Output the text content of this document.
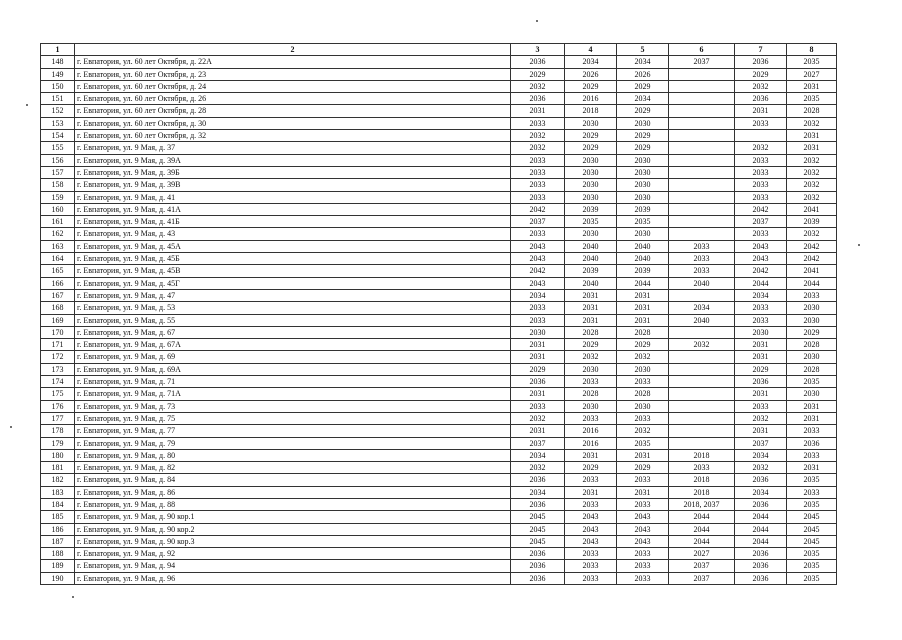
1	2	3	4	5	6	7	8
148	г. Евпатория, ул. 60 лет Октября, д. 22А	2036	2034	2034	2037	2036	2035
149	г. Евпатория, ул. 60 лет Октября, д. 23	2029	2026	2026		2029	2027
150	г. Евпатория, ул. 60 лет Октября, д. 24	2032	2029	2029		2032	2031
151	г. Евпатория, ул. 60 лет Октября, д. 26	2036	2016	2034		2036	2035
152	г. Евпатория, ул. 60 лет Октября, д. 28	2031	2018	2029		2031	2028
153	г. Евпатория, ул. 60 лет Октября, д. 30	2033	2030	2030		2033	2032
154	г. Евпатория, ул. 60 лет Октября, д. 32	2032	2029	2029			2031
155	г. Евпатория, ул. 9 Мая, д. 37	2032	2029	2029		2032	2031
156	г. Евпатория, ул. 9 Мая, д. 39А	2033	2030	2030		2033	2032
157	г. Евпатория, ул. 9 Мая, д. 39Б	2033	2030	2030		2033	2032
158	г. Евпатория, ул. 9 Мая, д. 39В	2033	2030	2030		2033	2032
159	г. Евпатория, ул. 9 Мая, д. 41	2033	2030	2030		2033	2032
160	г. Евпатория, ул. 9 Мая, д. 41А	2042	2039	2039		2042	2041
161	г. Евпатория, ул. 9 Мая, д. 41Б	2037	2035	2035		2037	2039
162	г. Евпатория, ул. 9 Мая, д. 43	2033	2030	2030		2033	2032
163	г. Евпатория, ул. 9 Мая, д. 45А	2043	2040	2040	2033	2043	2042
164	г. Евпатория, ул. 9 Мая, д. 45Б	2043	2040	2040	2033	2043	2042
165	г. Евпатория, ул. 9 Мая, д. 45В	2042	2039	2039	2033	2042	2041
166	г. Евпатория, ул. 9 Мая, д. 45Г	2043	2040	2044	2040	2044	2044
167	г. Евпатория, ул. 9 Мая, д. 47	2034	2031	2031		2034	2033
168	г. Евпатория, ул. 9 Мая, д. 53	2033	2031	2031	2034	2033	2030
169	г. Евпатория, ул. 9 Мая, д. 55	2033	2031	2031	2040	2033	2030
170	г. Евпатория, ул. 9 Мая, д. 67	2030	2028	2028		2030	2029
171	г. Евпатория, ул. 9 Мая, д. 67А	2031	2029	2029	2032	2031	2028
172	г. Евпатория, ул. 9 Мая, д. 69	2031	2032	2032		2031	2030
173	г. Евпатория, ул. 9 Мая, д. 69А	2029	2030	2030		2029	2028
174	г. Евпатория, ул. 9 Мая, д. 71	2036	2033	2033		2036	2035
175	г. Евпатория, ул. 9 Мая, д. 71А	2031	2028	2028		2031	2030
176	г. Евпатория, ул. 9 Мая, д. 73	2033	2030	2030		2033	2031
177	г. Евпатория, ул. 9 Мая, д. 75	2032	2033	2033		2032	2031
178	г. Евпатория, ул. 9 Мая, д. 77	2031	2016	2032		2031	2033
179	г. Евпатория, ул. 9 Мая, д. 79	2037	2016	2035		2037	2036
180	г. Евпатория, ул. 9 Мая, д. 80	2034	2031	2031	2018	2034	2033
181	г. Евпатория, ул. 9 Мая, д. 82	2032	2029	2029	2033	2032	2031
182	г. Евпатория, ул. 9 Мая, д. 84	2036	2033	2033	2018	2036	2035
183	г. Евпатория, ул. 9 Мая, д. 86	2034	2031	2031	2018	2034	2033
184	г. Евпатория, ул. 9 Мая, д. 88	2036	2033	2033	2018, 2037	2036	2035
185	г. Евпатория, ул. 9 Мая, д. 90 кор.1	2045	2043	2043	2044	2044	2045
186	г. Евпатория, ул. 9 Мая, д. 90 кор.2	2045	2043	2043	2044	2044	2045
187	г. Евпатория, ул. 9 Мая, д. 90 кор.3	2045	2043	2043	2044	2044	2045
188	г. Евпатория, ул. 9 Мая, д. 92	2036	2033	2033	2027	2036	2035
189	г. Евпатория, ул. 9 Мая, д. 94	2036	2033	2033	2037	2036	2035
190	г. Евпатория, ул. 9 Мая, д. 96	2036	2033	2033	2037	2036	2035
